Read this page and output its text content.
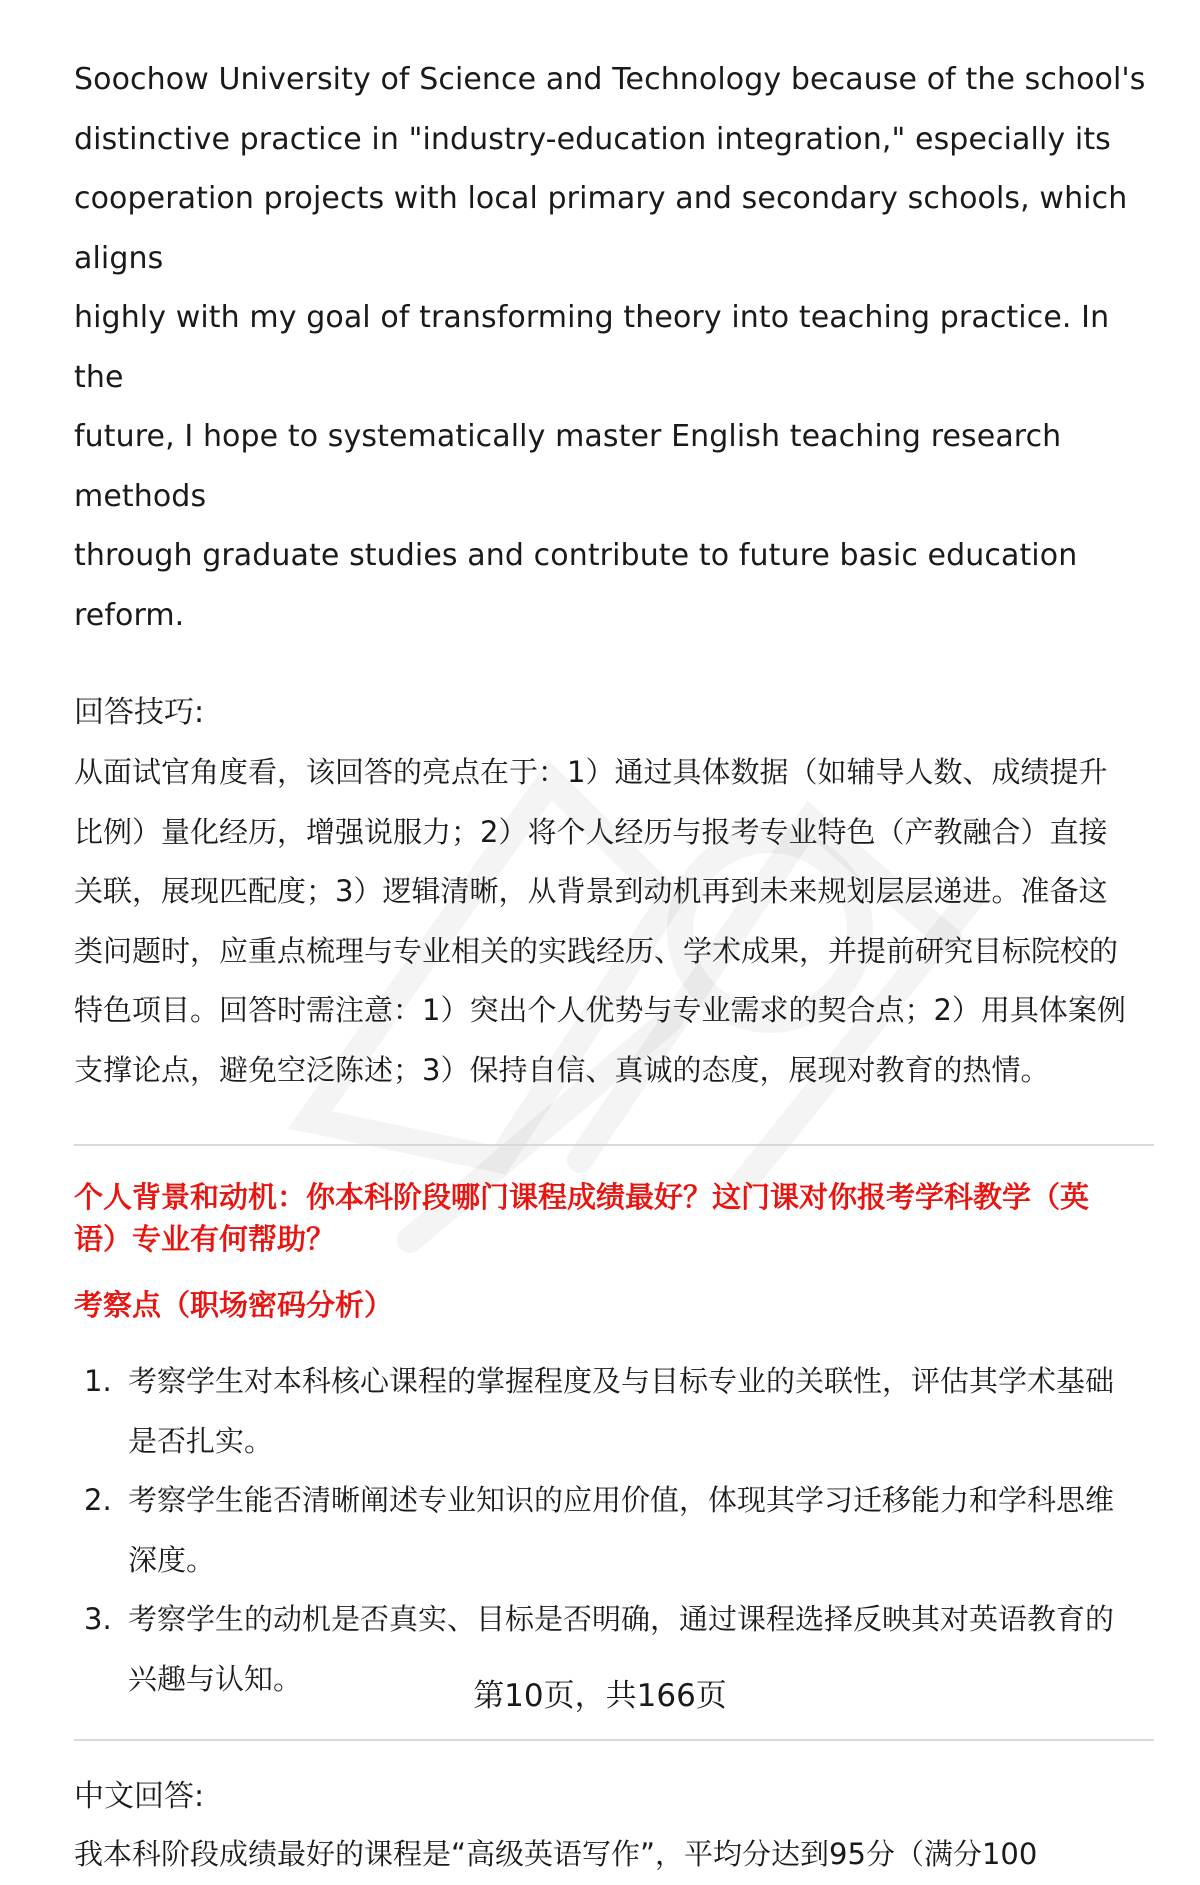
Soochow University of Science and Technology because of the school's

distinctive practice in "industry-education integration," especially its

cooperation projects with local primary and secondary schools, which aligns

highly with my goal of transforming theory into teaching practice. In the

future, I hope to systematically master English teaching research methods

through graduate studies and contribute to future basic education reform.

回答技巧:

从面试官角度看，该回答的亮点在于：1）通过具体数据（如辅导人数、成绩提升

比例）量化经历，增强说服力；2）将个人经历与报考专业特色（产教融合）直接

关联，展现匹配度；3）逻辑清晰，从背景到动机再到未来规划层层递进。准备这

类问题时，应重点梳理与专业相关的实践经历、学术成果，并提前研究目标院校的

特色项目。回答时需注意：1）突出个人优势与专业需求的契合点；2）用具体案例

支撑论点，避免空泛陈述；3）保持自信、真诚的态度，展现对教育的热情。

个人背景和动机：你本科阶段哪门课程成绩最好？这门课对你报考学科教学（英
语）专业有何帮助？
考察点（职场密码分析）
1. 考察学生对本科核心课程的掌握程度及与目标专业的关联性，评估其学术基础
是否扎实。
2. 考察学生能否清晰阐述专业知识的应用价值，体现其学习迁移能力和学科思维
深度。
3. 考察学生的动机是否真实、目标是否明确，通过课程选择反映其对英语教育的
兴趣与认知。
中文回答:

我本科阶段成绩最好的课程是“高级英语写作”，平均分达到95分（满分100

第10页，共166页
